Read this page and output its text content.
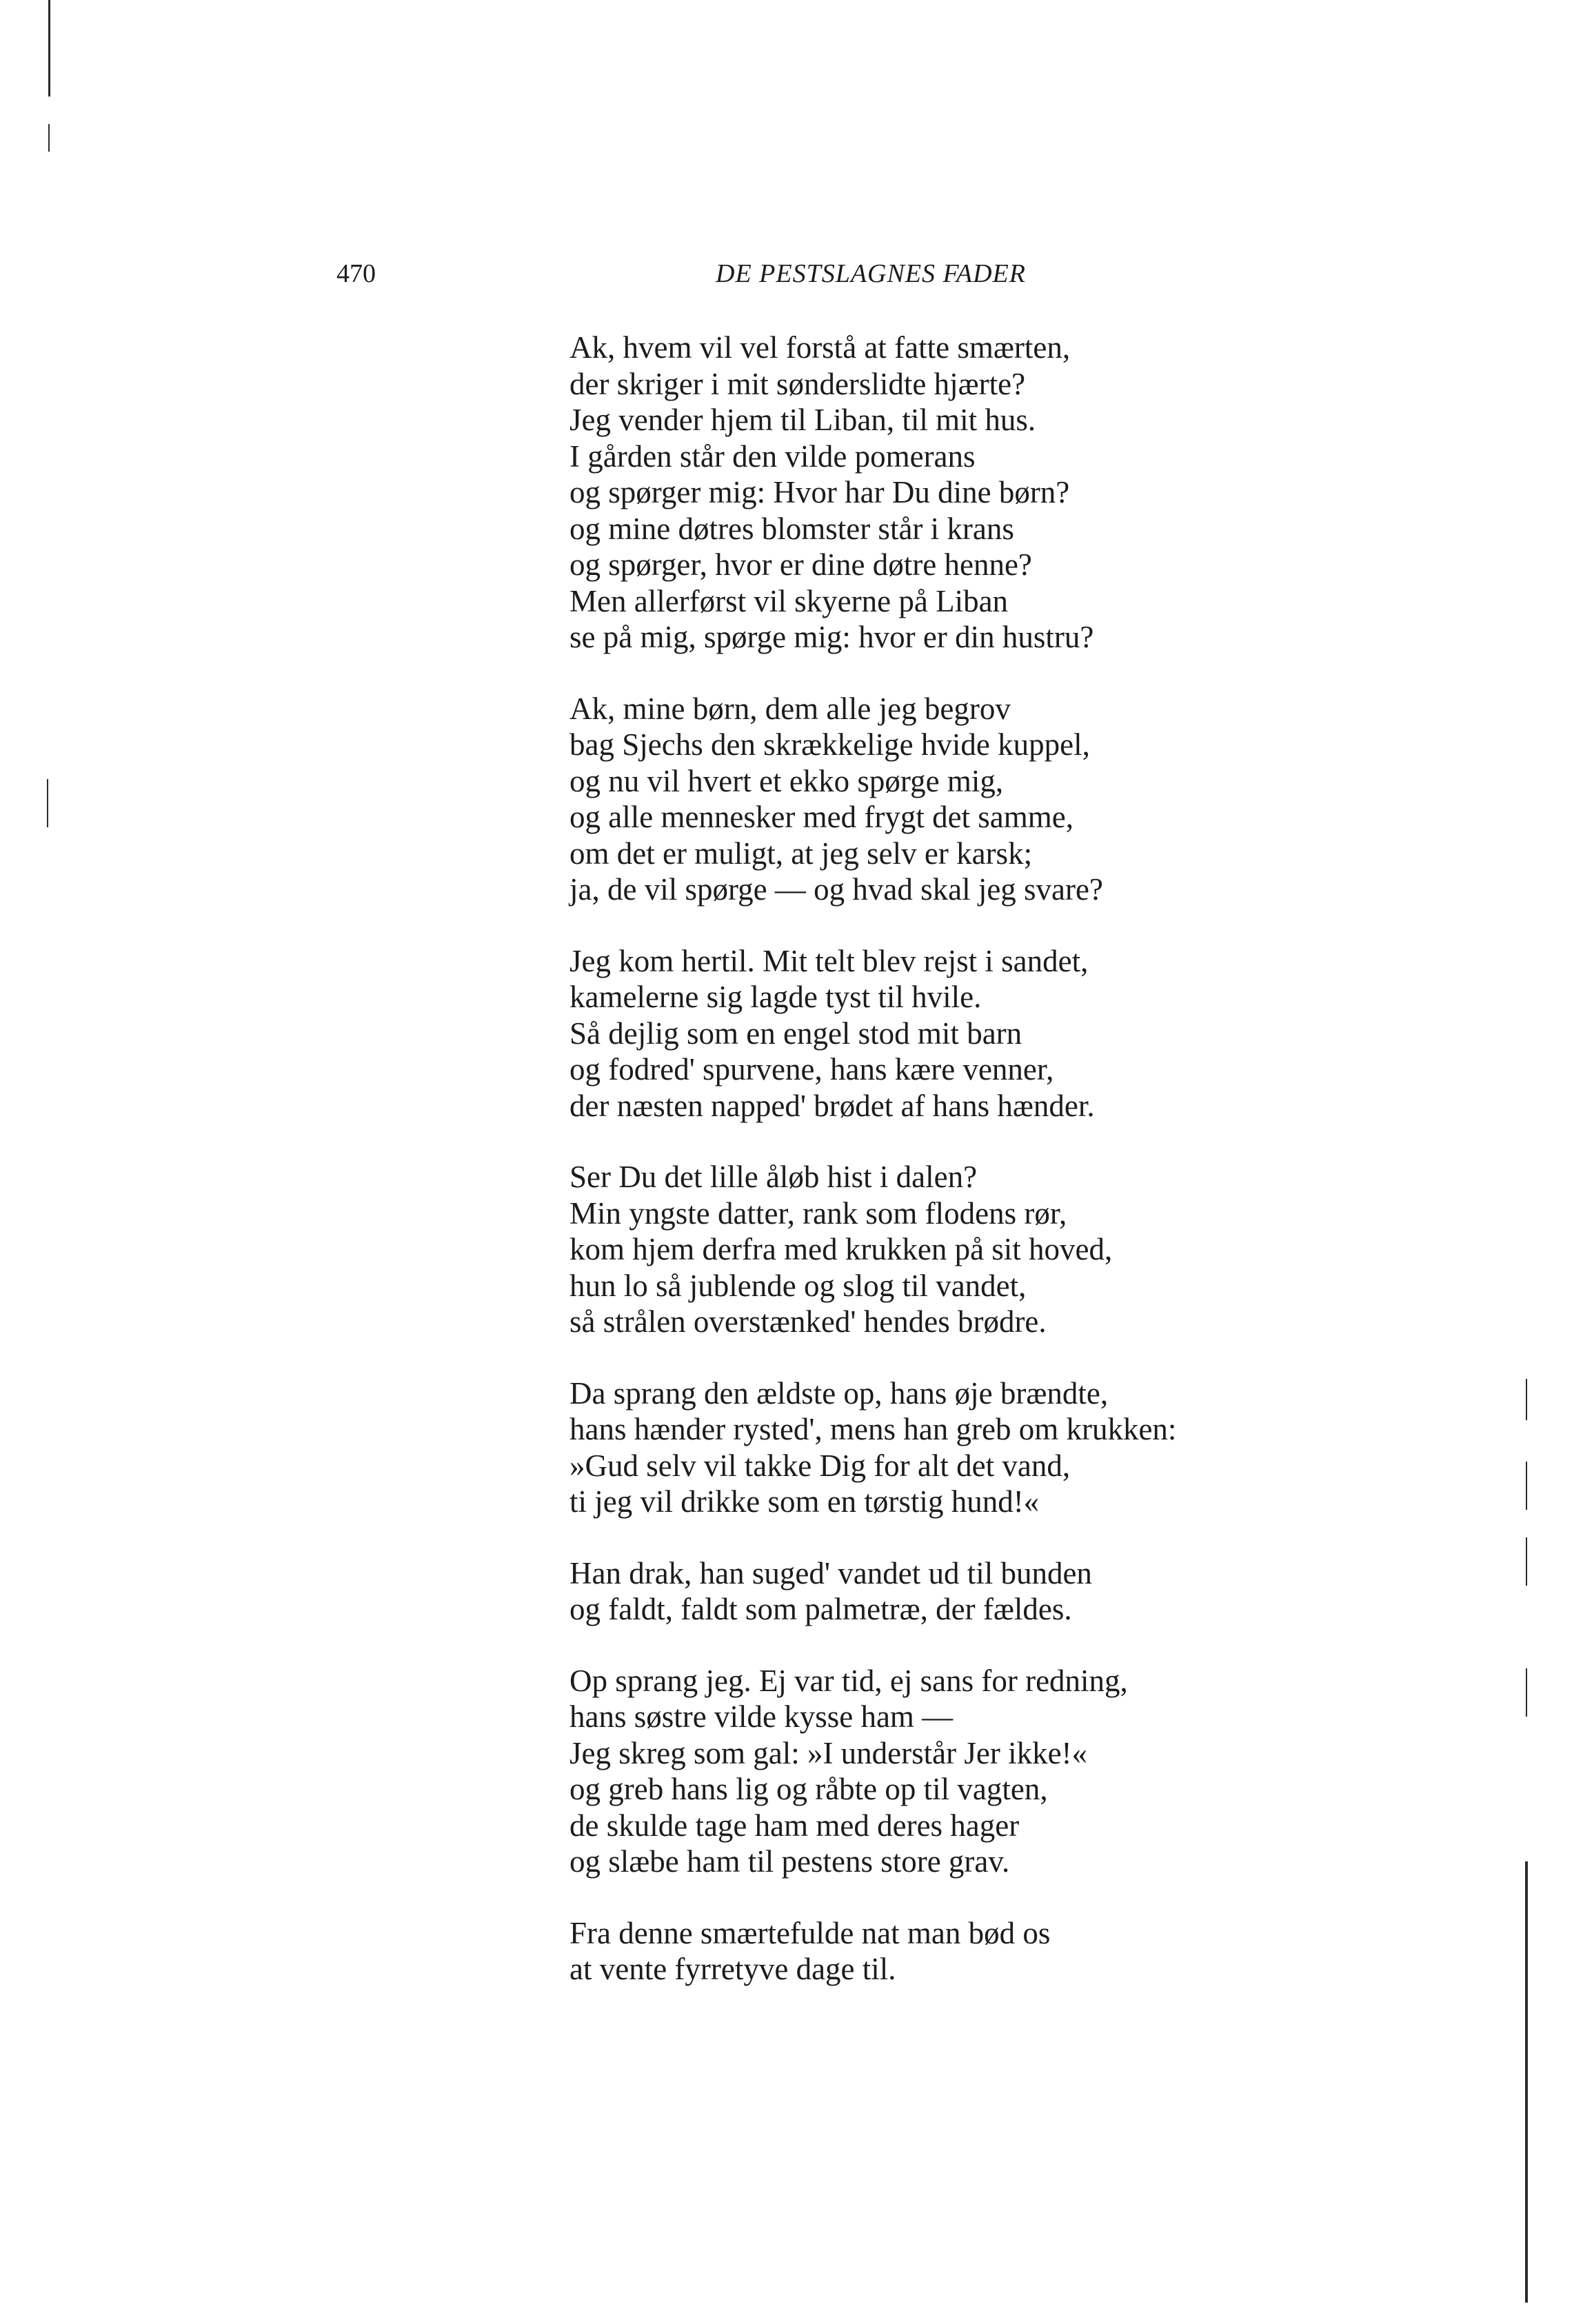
470	DE PESTSLAGNES FADER
Ak, hvem vil vel forstå at fatte smærten,
der skriger i mit sønderslidte hjærte?
Jeg vender hjem til Liban, til mit hus.
I gården står den vilde pomerans
og spørger mig: Hvor har Du dine børn?
og mine døtres blomster står i krans
og spørger, hvor er dine døtre henne?
Men allerførst vil skyerne på Liban
se på mig, spørge mig: hvor er din hustru?
Ak, mine børn, dem alle jeg begrov
bag Sjechs den skrækkelige hvide kuppel,
og nu vil hvert et ekko spørge mig,
og alle mennesker med frygt det samme,
om det er muligt, at jeg selv er karsk;
ja, de vil spørge — og hvad skal jeg svare?
Jeg kom hertil. Mit telt blev rejst i sandet,
kamelerne sig lagde tyst til hvile.
Så dejlig som en engel stod mit barn
og fodred' spurvene, hans kære venner,
der næsten napped' brødet af hans hænder.
Ser Du det lille åløb hist i dalen?
Min yngste datter, rank som flodens rør,
kom hjem derfra med krukken på sit hoved,
hun lo så jublende og slog til vandet,
så strålen overstænked' hendes brødre.
Da sprang den ældste op, hans øje brændte,
hans hænder rysted', mens han greb om krukken:
»Gud selv vil takke Dig for alt det vand,
ti jeg vil drikke som en tørstig hund!«
Han drak, han suged' vandet ud til bunden
og faldt, faldt som palmetræ, der fældes.
Op sprang jeg. Ej var tid, ej sans for redning,
hans søstre vilde kysse ham —
Jeg skreg som gal: »I understår Jer ikke!«
og greb hans lig og råbte op til vagten,
de skulde tage ham med deres hager
og slæbe ham til pestens store grav.
Fra denne smærtefulde nat man bød os
at vente fyrretyve dage til.
